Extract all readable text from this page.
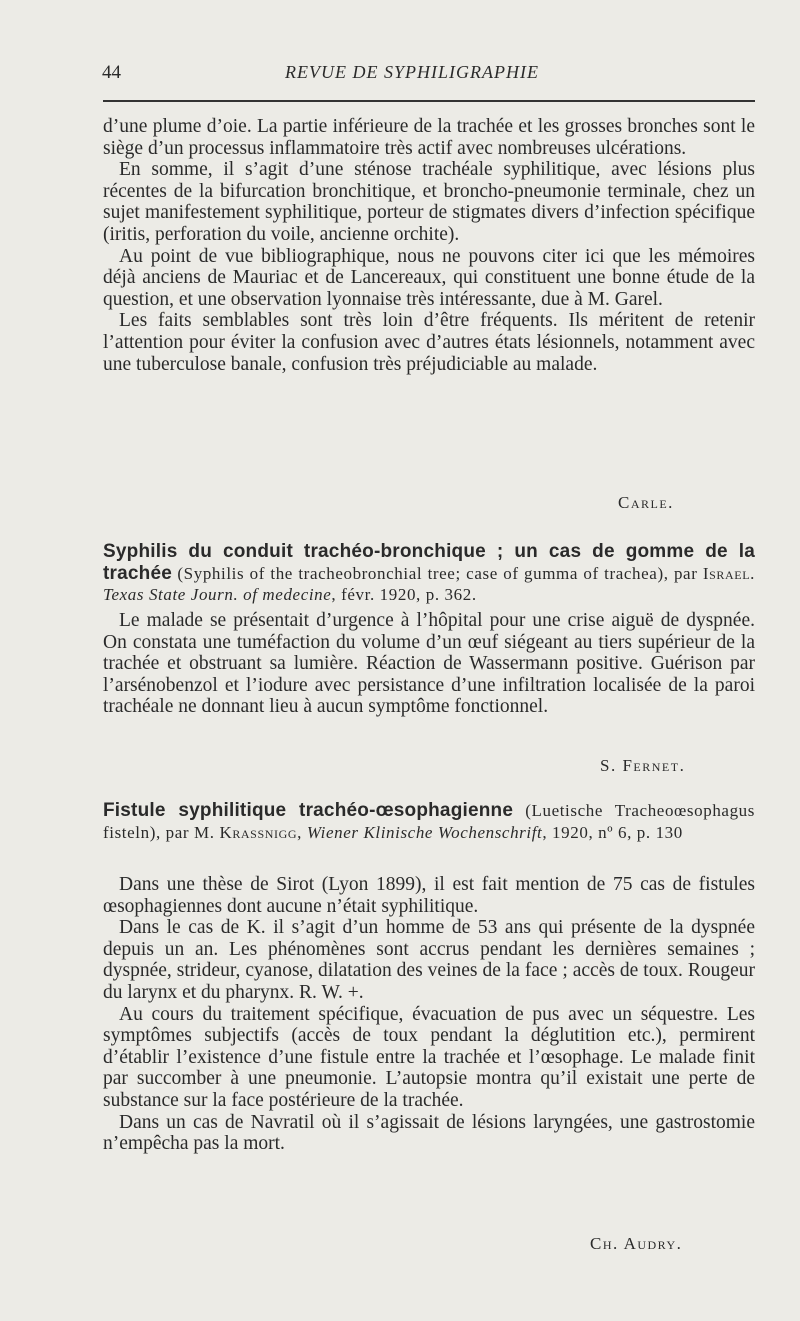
44	REVUE DE SYPHILIGRAPHIE

d’une plume d’oie. La partie inférieure de la trachée et les grosses bronches sont le siège d’un processus inflammatoire très actif avec nombreuses ulcérations.

En somme, il s’agit d’une sténose trachéale syphilitique, avec lésions plus récentes de la bifurcation bronchitique, et broncho-pneumonie terminale, chez un sujet manifestement syphilitique, porteur de stigmates divers d’infection spécifique (iritis, perforation du voile, ancienne orchite).

Au point de vue bibliographique, nous ne pouvons citer ici que les mémoires déjà anciens de Mauriac et de Lancereaux, qui constituent une bonne étude de la question, et une observation lyonnaise très intéressante, due à M. Garel.

Les faits semblables sont très loin d’être fréquents. Ils méritent de retenir l’attention pour éviter la confusion avec d’autres états lésionnels, notamment avec une tuberculose banale, confusion très préjudiciable au malade.

Carle.
Syphilis du conduit trachéo-bronchique ; un cas de gomme de la trachée (Syphilis of the tracheobronchial tree; case of gumma of trachea), par Israel. Texas State Journ. of medecine, févr. 1920, p. 362.

Le malade se présentait d’urgence à l’hôpital pour une crise aiguë de dyspnée. On constata une tuméfaction du volume d’un œuf siégeant au tiers supérieur de la trachée et obstruant sa lumière. Réaction de Wassermann positive. Guérison par l’arsénobenzol et l’iodure avec persistance d’une infiltration localisée de la paroi trachéale ne donnant lieu à aucun symptôme fonctionnel.

S. Fernet.
Fistule syphilitique trachéo-œsophagienne (Luetische Tracheoœsophagus fisteln), par M. Krassnigg, Wiener Klinische Wochenschrift, 1920, nº 6, p. 130

Dans une thèse de Sirot (Lyon 1899), il est fait mention de 75 cas de fistules œsophagiennes dont aucune n’était syphilitique.

Dans le cas de K. il s’agit d’un homme de 53 ans qui présente de la dyspnée depuis un an. Les phénomènes sont accrus pendant les dernières semaines ; dyspnée, strideur, cyanose, dilatation des veines de la face ; accès de toux. Rougeur du larynx et du pharynx. R. W. +.

Au cours du traitement spécifique, évacuation de pus avec un séquestre. Les symptômes subjectifs (accès de toux pendant la déglutition etc.), permirent d’établir l’existence d’une fistule entre la trachée et l’œsophage. Le malade finit par succomber à une pneumonie. L’autopsie montra qu’il existait une perte de substance sur la face postérieure de la trachée.

Dans un cas de Navratil où il s’agissait de lésions laryngées, une gastrostomie n’empêcha pas la mort.

Ch. Audry.
